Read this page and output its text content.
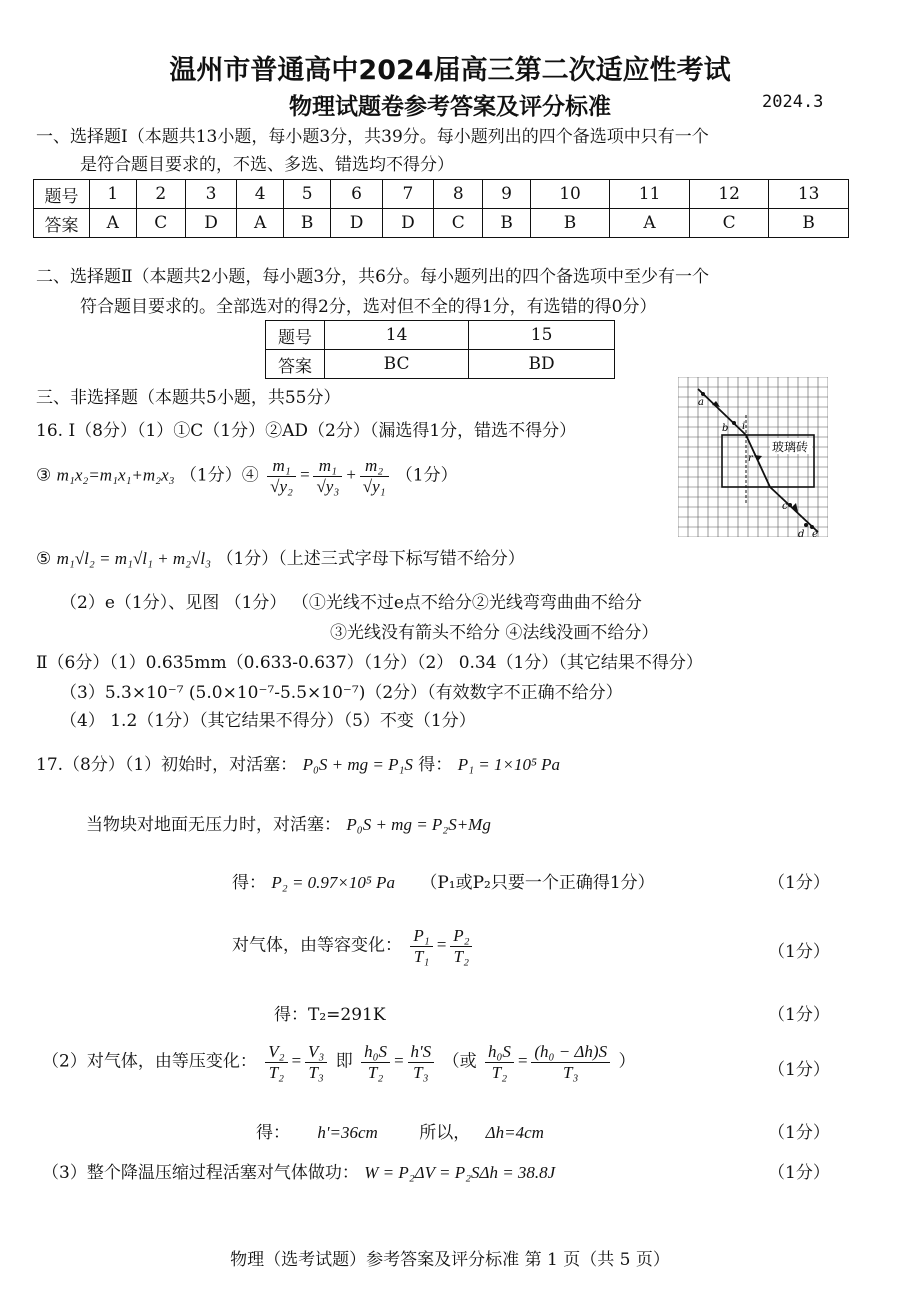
温州市普通高中2024届高三第二次适应性考试
物理试题卷参考答案及评分标准	2024.3
一、选择题Ⅰ（本题共13小题，每小题3分，共39分。每小题列出的四个备选项中只有一个
是符合题目要求的，不选、多选、错选均不得分）
题号	1	2	3	4	5	6	7	8	9	10	11	12	13
答案	A	C	D	A	B	D	D	C	B	B	A	C	B
二、选择题Ⅱ（本题共2小题，每小题3分，共6分。每小题列出的四个备选项中至少有一个
符合题目要求的。全部选对的得2分，选对但不全的得1分，有选错的得0分）
题号	14	15
答案	BC	BD
三、非选择题（本题共5小题，共55分）
玻璃砖
a
b i
r
c
d e
16. Ⅰ（8分）（1）①C（1分）②AD（2分）（漏选得1分，错选不得分）
③ m₁x₂=m₁x₁+m₂x₃ （1分）④ $\frac{\text{m₁}}{\text{√y₂}} = \frac{\text{m₁}}{\text{√y₃}} + \frac{\text{m₂}}{\text{√y₁}} (1$分）
⑤ m₁√l₂ = m₁√l₁ + m₂√l₃ （1分）（上述三式字母下标写错不给分）
（2）e（1分）、见图 （1分） （①光线不过e点不给分②光线弯弯曲曲不给分
③光线没有箭头不给分 ④法线没画不给分）
Ⅱ（6分）（1）0.635mm（0.633-0.637）（1分）（2） 0.34（1分）（其它结果不得分）
（3）5.3×10⁻⁷ (5.0×10⁻⁷-5.5×10⁻⁷)（2分）（有效数字不正确不给分）
（4） 1.2（1分）（其它结果不得分）（5）不变（1分）
17.（8分）（1）初始时，对活塞： P₀S + mg = P₁S 得： P₁ = 1×10⁵ Pa
当物块对地面无压力时，对活塞： P₀S + mg = P₂S+Mg
得： P₂ = 0.97×10⁵ Pa （P₁或P₂只要一个正确得1分）	（1分）
对气体，由等容变化： $\frac{\text{P₁}}{\text{T₁}} = \frac{\text{P₂}}{\text{T₂}}$	（1分）
得：T₂=291K	（1分）
（2）对气体，由等压变化： $\frac{\text{V₂}}{\text{T₂}} = \frac{\text{V₃}}{\text{T₃}}$ 即 $\frac{\text{h₀S}}{\text{T₂}} = \frac{h'S}{\text{T₃}}$ （或 $\frac{\text{h₀S}}{\text{T₂}} = \frac{\text{(h₀ − Δh)S}}{\text{T₃}}$ ）	（1分）
得： h'=36cm 所以， Δh=4cm	（1分）
（3）整个降温压缩过程活塞对气体做功： W = P₂ΔV = P₂SΔh = 38.8J	（1分）
物理（选考试题）参考答案及评分标准 第 1 页（共 5 页）
